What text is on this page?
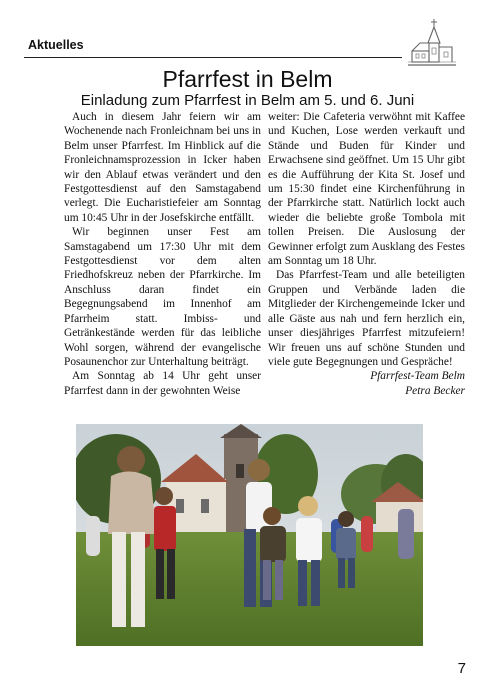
Aktuelles
Pfarrfest in Belm
Einladung zum Pfarrfest in Belm am 5. und 6. Juni

Auch in diesem Jahr feiern wir am Wochenende nach Fronleichnam bei uns in Belm unser Pfarrfest. Im Hinblick auf die Fronleichnamsprozession in Icker haben wir den Ablauf etwas verändert und den Festgottesdienst auf den Samstagabend verlegt. Die Eucharistiefeier am Sonntag um 10:45 Uhr in der Josefskirche entfällt.

Wir beginnen unser Fest am Samstagabend um 17:30 Uhr mit dem Festgottesdienst vor dem alten Friedhofskreuz neben der Pfarrkirche. Im Anschluss daran findet ein Begegnungsabend im Innenhof am Pfarrheim statt. Imbiss- und Getränkestände werden für das leibliche Wohl sorgen, während der evangelische Posaunenchor zur Unterhaltung beiträgt.

Am Sonntag ab 14 Uhr geht unser Pfarrfest dann in der gewohnten Weise

weiter: Die Cafeteria verwöhnt mit Kaffee und Kuchen, Lose werden verkauft und Stände und Buden für Kinder und Erwachsene sind geöffnet. Um 15 Uhr gibt es die Aufführung der Kita St. Josef und um 15:30 findet eine Kirchenführung in der Pfarrkirche statt. Natürlich lockt auch wieder die beliebte große Tombola mit tollen Preisen. Die Auslosung der Gewinner erfolgt zum Ausklang des Festes am Sonntag um 18 Uhr.

Das Pfarrfest-Team und alle beteiligten Gruppen und Verbände laden die Mitglieder der Kirchengemeinde Icker und alle Gäste aus nah und fern herzlich ein, unser diesjähriges Pfarrfest mitzufeiern! Wir freuen uns auf schöne Stunden und viele gute Begegnungen und Gespräche!

Pfarrfest-Team Belm

Petra Becker

7
